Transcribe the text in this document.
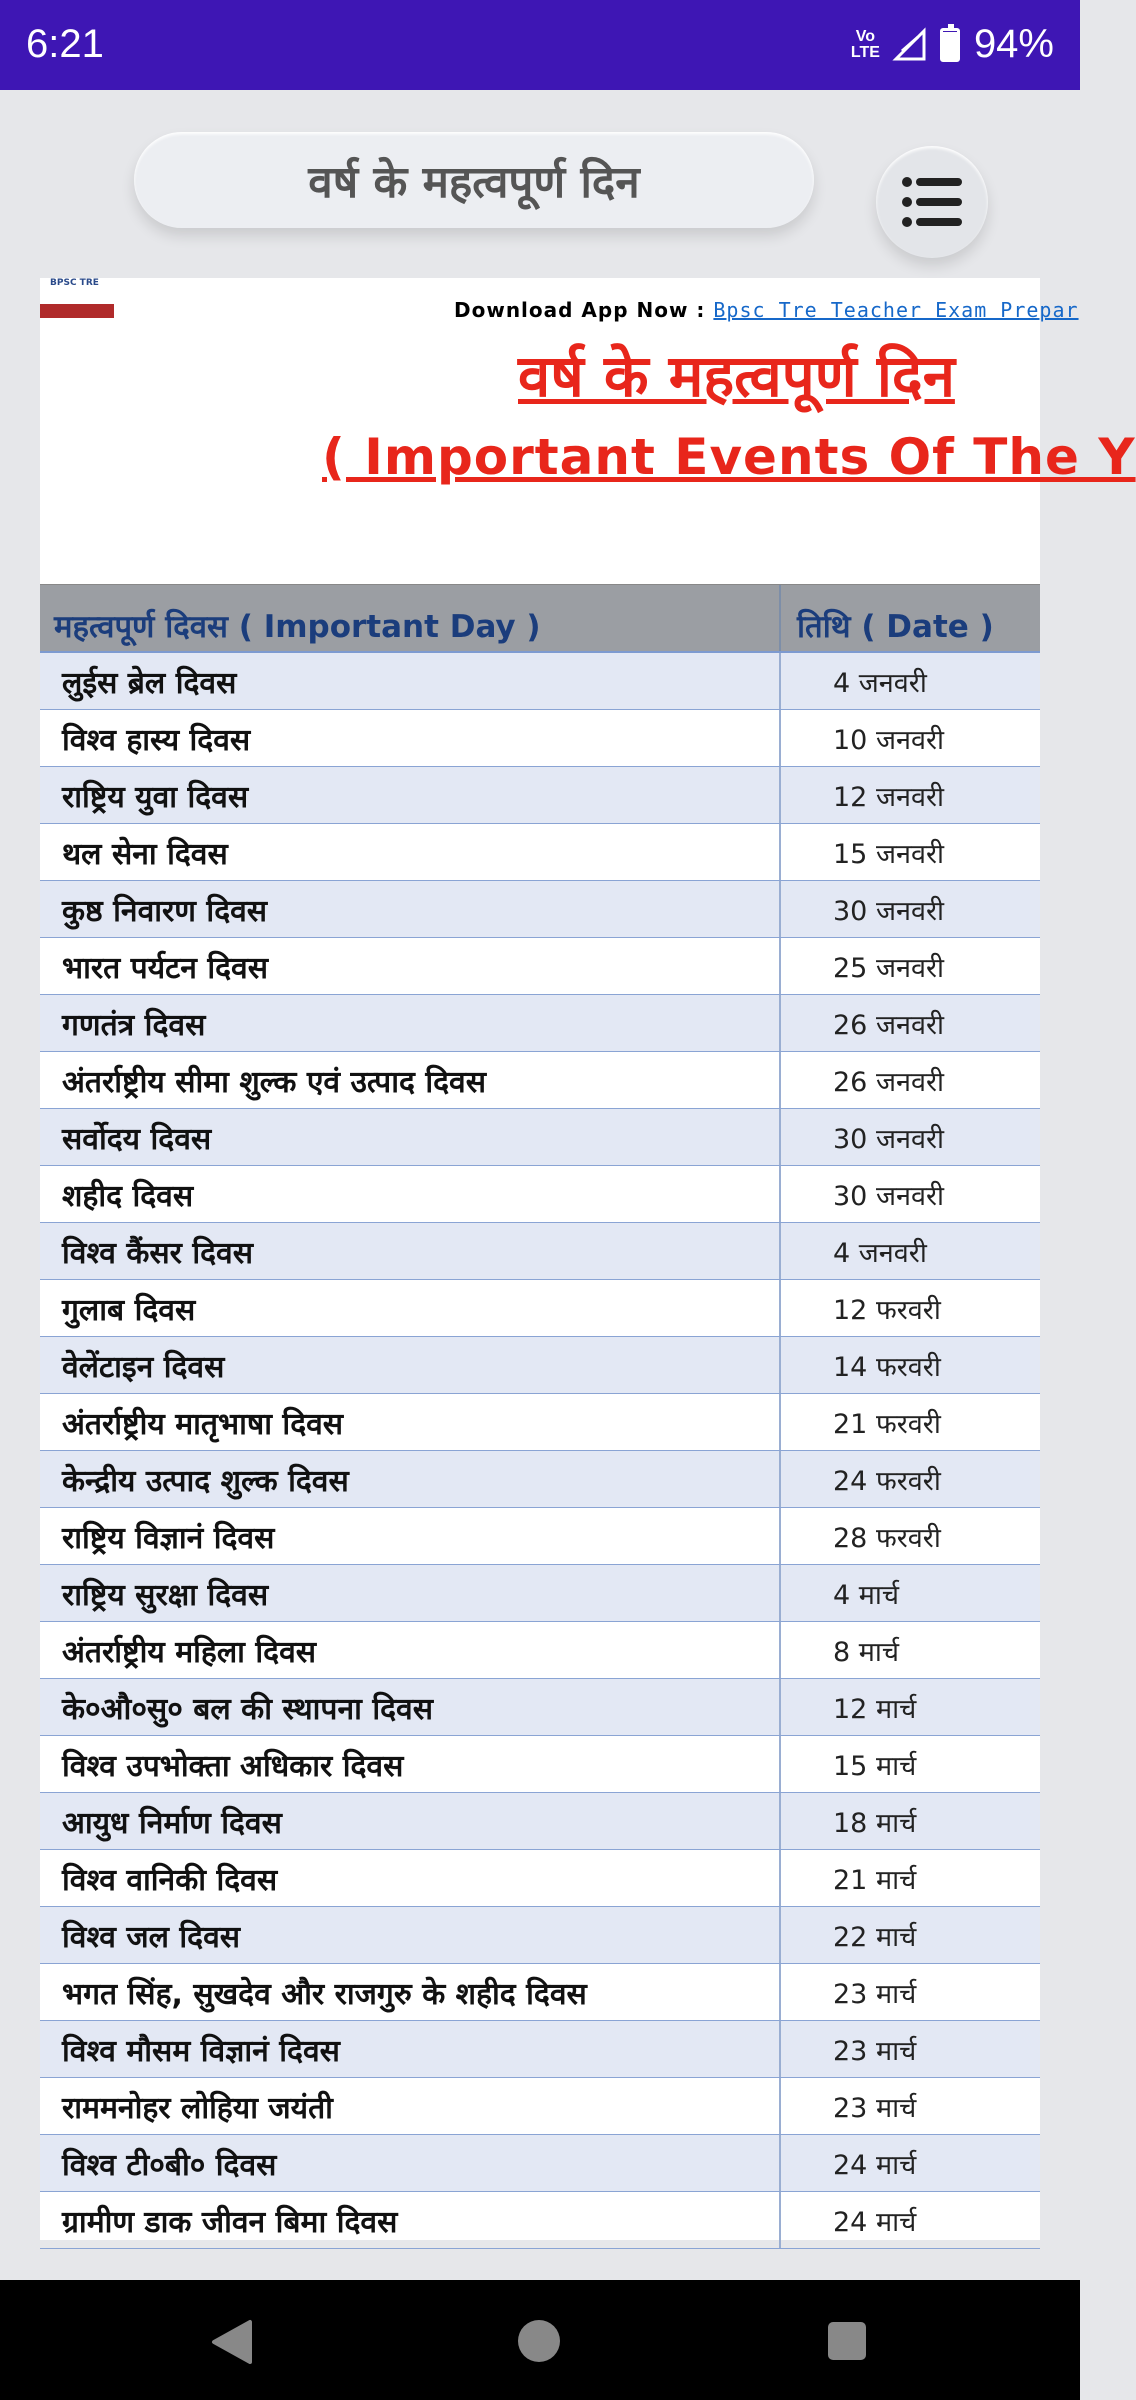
6:21	Vo
LTE 94%
वर्ष के महत्वपूर्ण दिन
BPSC TRE
Download App Now : Bpsc Tre Teacher Exam Prepar
वर्ष के महत्वपूर्ण दिन
( Important Events Of The Y
महत्वपूर्ण दिवस ( Important Day )	तिथि ( Date )
लुईस ब्रेल दिवस	4 जनवरी
विश्व हास्य दिवस	10 जनवरी
राष्ट्रिय युवा दिवस	12 जनवरी
थल सेना दिवस	15 जनवरी
कुष्ठ निवारण दिवस	30 जनवरी
भारत पर्यटन दिवस	25 जनवरी
गणतंत्र दिवस	26 जनवरी
अंतर्राष्ट्रीय सीमा शुल्क एवं उत्पाद दिवस	26 जनवरी
सर्वोदय दिवस	30 जनवरी
शहीद दिवस	30 जनवरी
विश्व कैंसर दिवस	4 जनवरी
गुलाब दिवस	12 फरवरी
वेलेंटाइन दिवस	14 फरवरी
अंतर्राष्ट्रीय मातृभाषा दिवस	21 फरवरी
केन्द्रीय उत्पाद शुल्क दिवस	24 फरवरी
राष्ट्रिय विज्ञानं दिवस	28 फरवरी
राष्ट्रिय सुरक्षा दिवस	4 मार्च
अंतर्राष्ट्रीय महिला दिवस	8 मार्च
के०औ०सु० बल की स्थापना दिवस	12 मार्च
विश्व उपभोक्ता अधिकार दिवस	15 मार्च
आयुध निर्माण दिवस	18 मार्च
विश्व वानिकी दिवस	21 मार्च
विश्व जल दिवस	22 मार्च
भगत सिंह, सुखदेव और राजगुरु के शहीद दिवस	23 मार्च
विश्व मौसम विज्ञानं दिवस	23 मार्च
राममनोहर लोहिया जयंती	23 मार्च
विश्व टी०बी० दिवस	24 मार्च
ग्रामीण डाक जीवन बिमा दिवस	24 मार्च
